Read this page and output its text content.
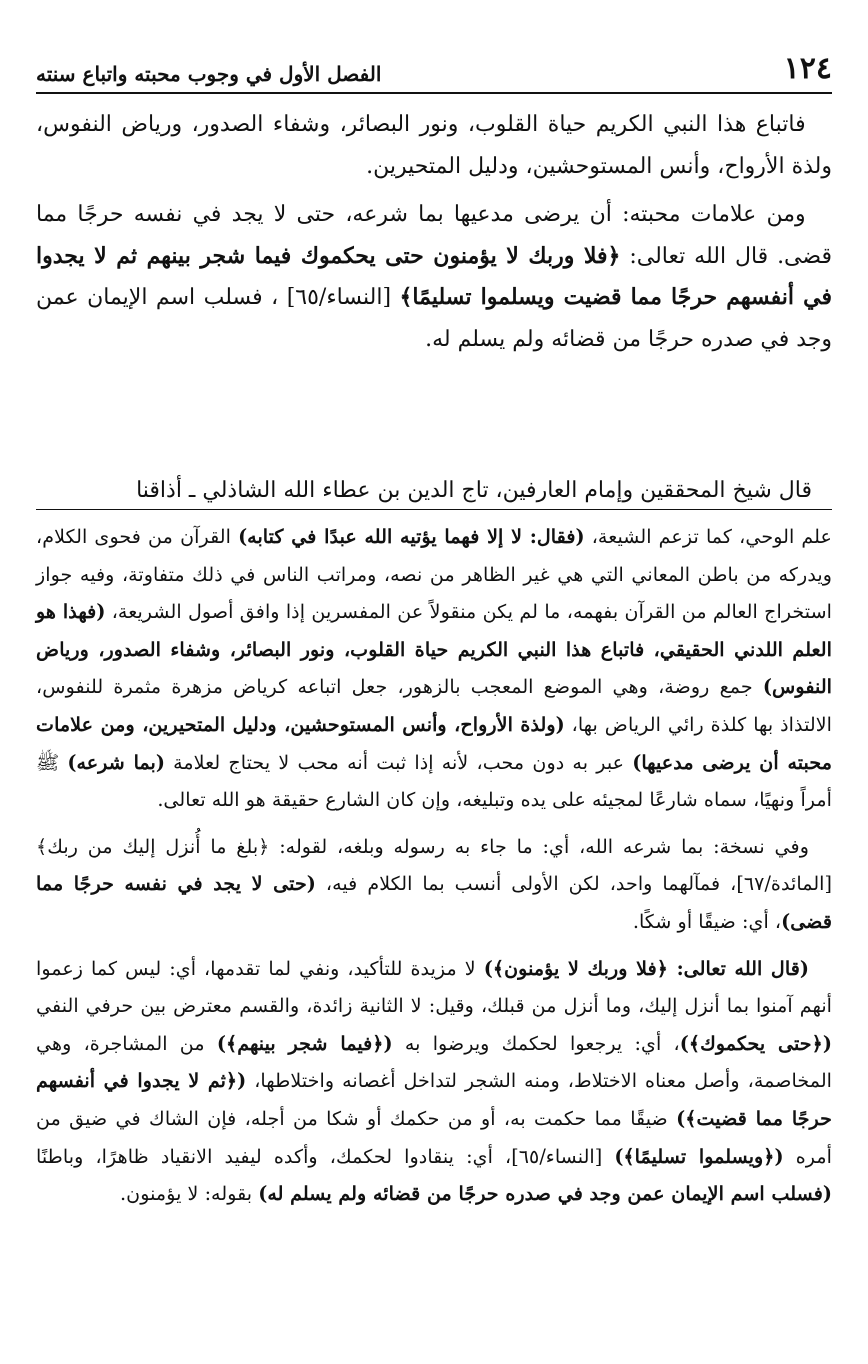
١٢٤
الفصل الأول في وجوب محبته واتباع سنته

فاتباع هذا النبي الكريم حياة القلوب، ونور البصائر، وشفاء الصدور، ورياض النفوس، ولذة الأرواح، وأنس المستوحشين، ودليل المتحيرين.

ومن علامات محبته: أن يرضى مدعيها بما شرعه، حتى لا يجد في نفسه حرجًا مما قضى. قال الله تعالى: ﴿فلا وربك لا يؤمنون حتى يحكموك فيما شجر بينهم ثم لا يجدوا في أنفسهم حرجًا مما قضيت ويسلموا تسليمًا﴾ [النساء/٦٥] ، فسلب اسم الإيمان عمن وجد في صدره حرجًا من قضائه ولم يسلم له.

قال شيخ المحققين وإمام العارفين، تاج الدين بن عطاء الله الشاذلي ـ أذاقنا

علم الوحي، كما تزعم الشيعة، (فقال: لا إلا فهما يؤتيه الله عبدًا في كتابه) القرآن من فحوى الكلام، ويدركه من باطن المعاني التي هي غير الظاهر من نصه، ومراتب الناس في ذلك متفاوتة، وفيه جواز استخراج العالم من القرآن بفهمه، ما لم يكن منقولاً عن المفسرين إذا وافق أصول الشريعة، (فهذا هو العلم اللدني الحقيقي، فاتباع هذا النبي الكريم حياة القلوب، ونور البصائر، وشفاء الصدور، ورياض النفوس) جمع روضة، وهي الموضع المعجب بالزهور، جعل اتباعه كرياض مزهرة مثمرة للنفوس، الالتذاذ بها كلذة رائي الرياض بها، (ولذة الأرواح، وأنس المستوحشين، ودليل المتحيرين، ومن علامات محبته أن يرضى مدعيها) عبر به دون محب، لأنه إذا ثبت أنه محب لا يحتاج لعلامة (بما شرعه) ﷺ أمراً ونهيًا، سماه شارعًا لمجيئه على يده وتبليغه، وإن كان الشارع حقيقة هو الله تعالى.

وفي نسخة: بما شرعه الله، أي: ما جاء به رسوله وبلغه، لقوله: ﴿بلغ ما أُنزل إليك من ربك﴾ [المائدة/٦٧]، فمآلهما واحد، لكن الأولى أنسب بما الكلام فيه، (حتى لا يجد في نفسه حرجًا مما قضى)، أي: ضيقًا أو شكًا.

(قال الله تعالى: ﴿فلا وربك لا يؤمنون﴾) لا مزيدة للتأكيد، ونفي لما تقدمها، أي: ليس كما زعموا أنهم آمنوا بما أنزل إليك، وما أنزل من قبلك، وقيل: لا الثانية زائدة، والقسم معترض بين حرفي النفي (﴿حتى يحكموك﴾)، أي: يرجعوا لحكمك ويرضوا به (﴿فيما شجر بينهم﴾) من المشاجرة، وهي المخاصمة، وأصل معناه الاختلاط، ومنه الشجر لتداخل أغصانه واختلاطها، (﴿ثم لا يجدوا في أنفسهم حرجًا مما قضيت﴾) ضيقًا مما حكمت به، أو من حكمك أو شكا من أجله، فإن الشاك في ضيق من أمره (﴿ويسلموا تسليمًا﴾) [النساء/٦٥]، أي: ينقادوا لحكمك، وأكده ليفيد الانقياد ظاهرًا، وباطنًا (فسلب اسم الإيمان عمن وجد في صدره حرجًا من قضائه ولم يسلم له) بقوله: لا يؤمنون.
